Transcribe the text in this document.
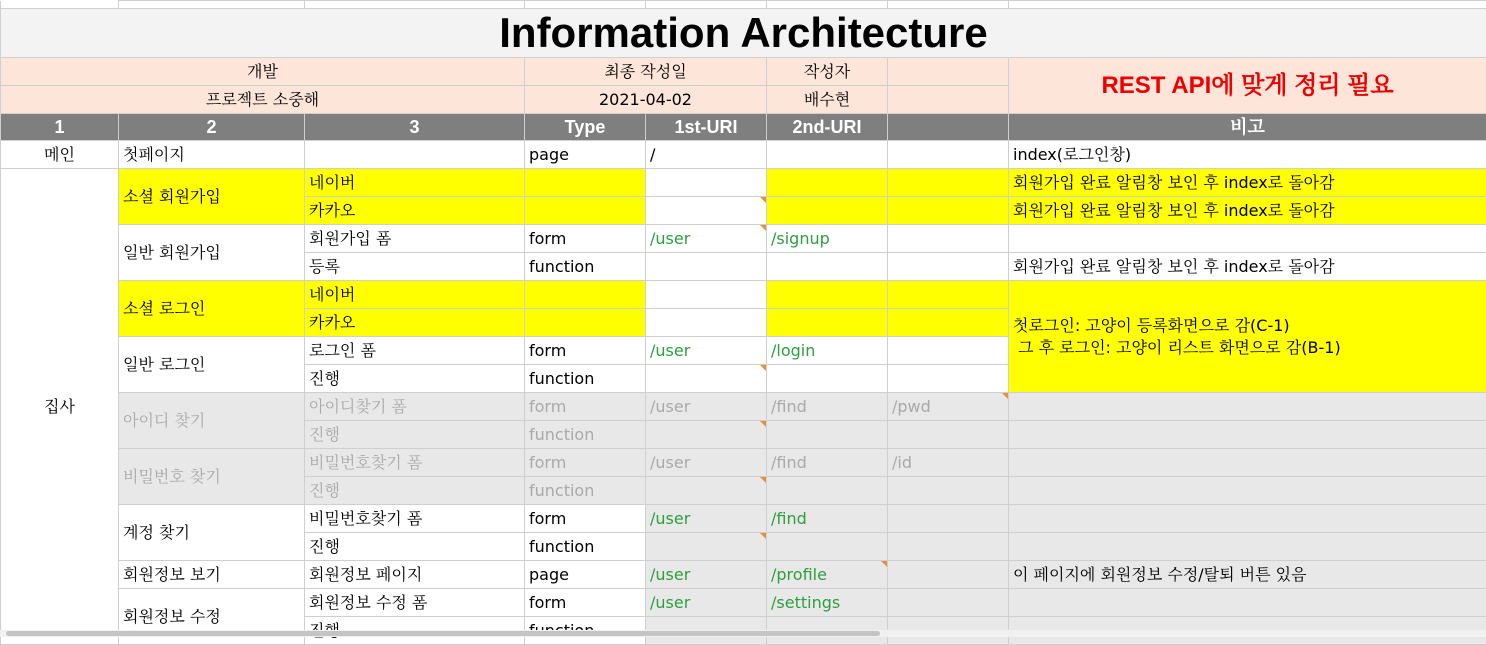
Information Architecture							
개발			최종 작성일		작성자		REST API에 맞게 정리 필요
프로젝트 소중해			2021-04-02		배수현		
1	2	3	Type	1st-URI	2nd-URI		비고
메인	첫페이지		page	/			index(로그인창)
집사	소셜 회원가입	네이버					회원가입 완료 알림창 보인 후 index로 돌아감
		카카오					회원가입 완료 알림창 보인 후 index로 돌아감
	일반 회원가입	회원가입 폼	form	/user	/signup		
		등록	function				회원가입 완료 알림창 보인 후 index로 돌아감
	소셜 로그인	네이버					첫로그인: 고양이 등록화면으로 감(C-1)
그 후 로그인: 고양이 리스트 화면으로 감(B-1)
		카카오					
	일반 로그인	로그인 폼	form	/user	/login		
		진행	function				
	아이디 찾기	아이디찾기 폼	form	/user	/find	/pwd	
		진행	function				
	비밀번호 찾기	비밀번호찾기 폼	form	/user	/find	/id	
		진행	function				
	계정 찾기	비밀번호찾기 폼	form	/user	/find		
		진행	function				
	회원정보 보기	회원정보 페이지	page	/user	/profile		이 페이지에 회원정보 수정/탈퇴 버튼 있음
	회원정보 수정	회원정보 수정 폼	form	/user	/settings		
